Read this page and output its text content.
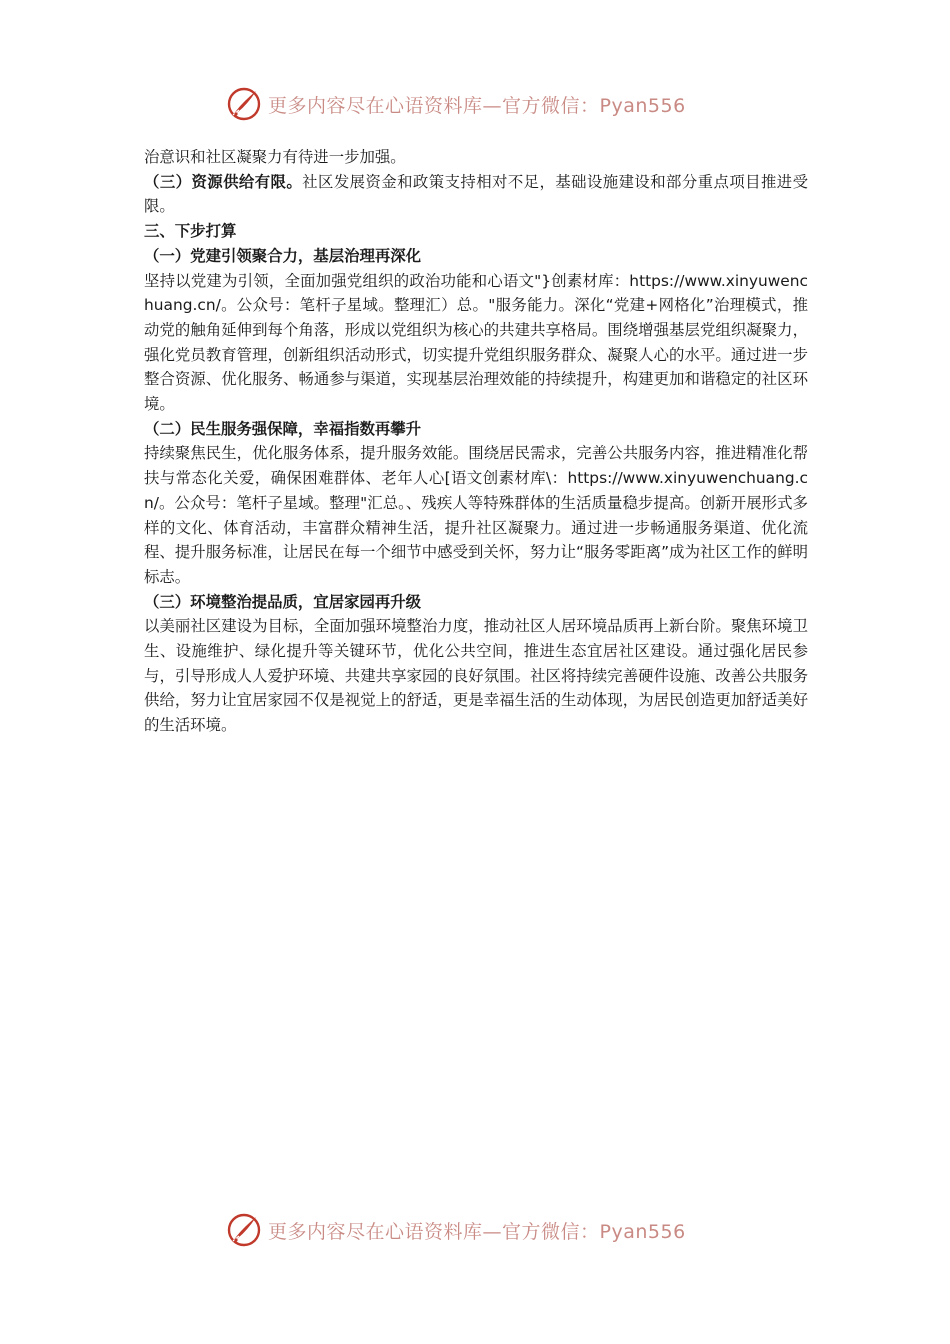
更多内容尽在心语资料库—官方微信：Pyan556

治意识和社区凝聚力有待进一步加强。

（三）资源供给有限。社区发展资金和政策支持相对不足，基础设施建设和部分重点项目推进受限。

三、下步打算

（一）党建引领聚合力，基层治理再深化

坚持以党建为引领，全面加强党组织的政治功能和心语文"}创素材库：https://www.xinyuwenchuang.cn/。公众号：笔杆子星域。整理汇）总。"服务能力。深化“党建+网格化”治理模式，推动党的触角延伸到每个角落，形成以党组织为核心的共建共享格局。围绕增强基层党组织凝聚力，强化党员教育管理，创新组织活动形式，切实提升党组织服务群众、凝聚人心的水平。通过进一步整合资源、优化服务、畅通参与渠道，实现基层治理效能的持续提升，构建更加和谐稳定的社区环境。

（二）民生服务强保障，幸福指数再攀升

持续聚焦民生，优化服务体系，提升服务效能。围绕居民需求，完善公共服务内容，推进精准化帮扶与常态化关爱，确保困难群体、老年人心[语文创素材库\：https://www.xinyuwenchuang.cn/。公众号：笔杆子星域。整理"汇总。、残疾人等特殊群体的生活质量稳步提高。创新开展形式多样的文化、体育活动，丰富群众精神生活，提升社区凝聚力。通过进一步畅通服务渠道、优化流程、提升服务标准，让居民在每一个细节中感受到关怀，努力让“服务零距离”成为社区工作的鲜明标志。

（三）环境整治提品质，宜居家园再升级

以美丽社区建设为目标，全面加强环境整治力度，推动社区人居环境品质再上新台阶。聚焦环境卫生、设施维护、绿化提升等关键环节，优化公共空间，推进生态宜居社区建设。通过强化居民参与，引导形成人人爱护环境、共建共享家园的良好氛围。社区将持续完善硬件设施、改善公共服务供给，努力让宜居家园不仅是视觉上的舒适，更是幸福生活的生动体现，为居民创造更加舒适美好的生活环境。

更多内容尽在心语资料库—官方微信：Pyan556
